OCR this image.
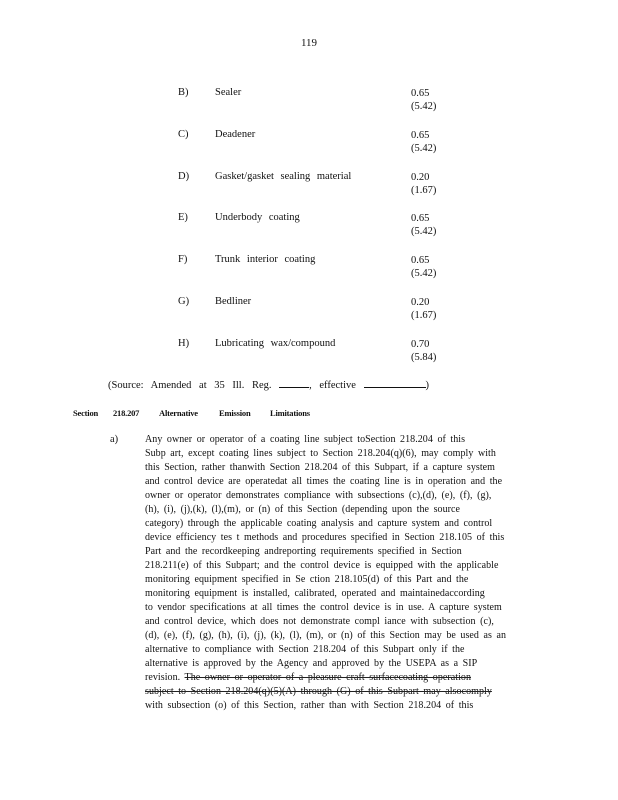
119
B)	Sealer	0.65
(5.42)
C)	Deadener	0.65
(5.42)
D) Gasket/gasket sealing material	0.20
(1.67)
E)	Underbody coating	0.65
(5.42)
F)	Trunk interior coating	0.65
(5.42)
G) Bedliner	0.20
(1.67)
H) Lubricating wax/compound	0.70
(5.84)
(Source: Amended at 35 Ill. Reg.	, effective	)
Section 218.207 Alternative Emission Limitations
a)	Any owner or operator of a coating line subject toSection 218.204 of this
Subp art, except coating lines subject to Section 218.204(q)(6), may comply with
this Section, rather thanwith Section 218.204 of this Subpart, if a capture system
and control device are operatedat all times the coating line is in operation and the
owner or operator demonstrates compliance with subsections (c),(d), (e), (f), (g),
(h), (i), (j),(k), (l),(m), or (n) of this Section (depending upon the source
category) through the applicable coating analysis and capture system and control
device efficiency tes t methods and procedures specified in Section 218.105 of this
Part and the recordkeeping andreporting requirements specified in Section
218.211(e) of this Subpart; and the control device is equipped with the applicable
monitoring equipment specified in Se ction 218.105(d) of this Part and the
monitoring equipment is installed, calibrated, operated and maintainedaccording
to vendor specifications at all times the control device is in use. A capture system
and control device, which does not demonstrate compl iance with subsection (c),
(d), (e), (f), (g), (h), (i), (j), (k), (l), (m), or (n) of this Section may be used as an
alternative to compliance with Section 218.204 of this Subpart only if the
alternative is approved by the Agency and approved by the USEPA as a SIP
revision. The owner or operator of a pleasure craft surfacecoating operation
subject to Section 218.204(q)(5)(A) through (G) of this Subpart may alsocomply
with subsection (o) of this Section, rather than with Section 218.204 of this
